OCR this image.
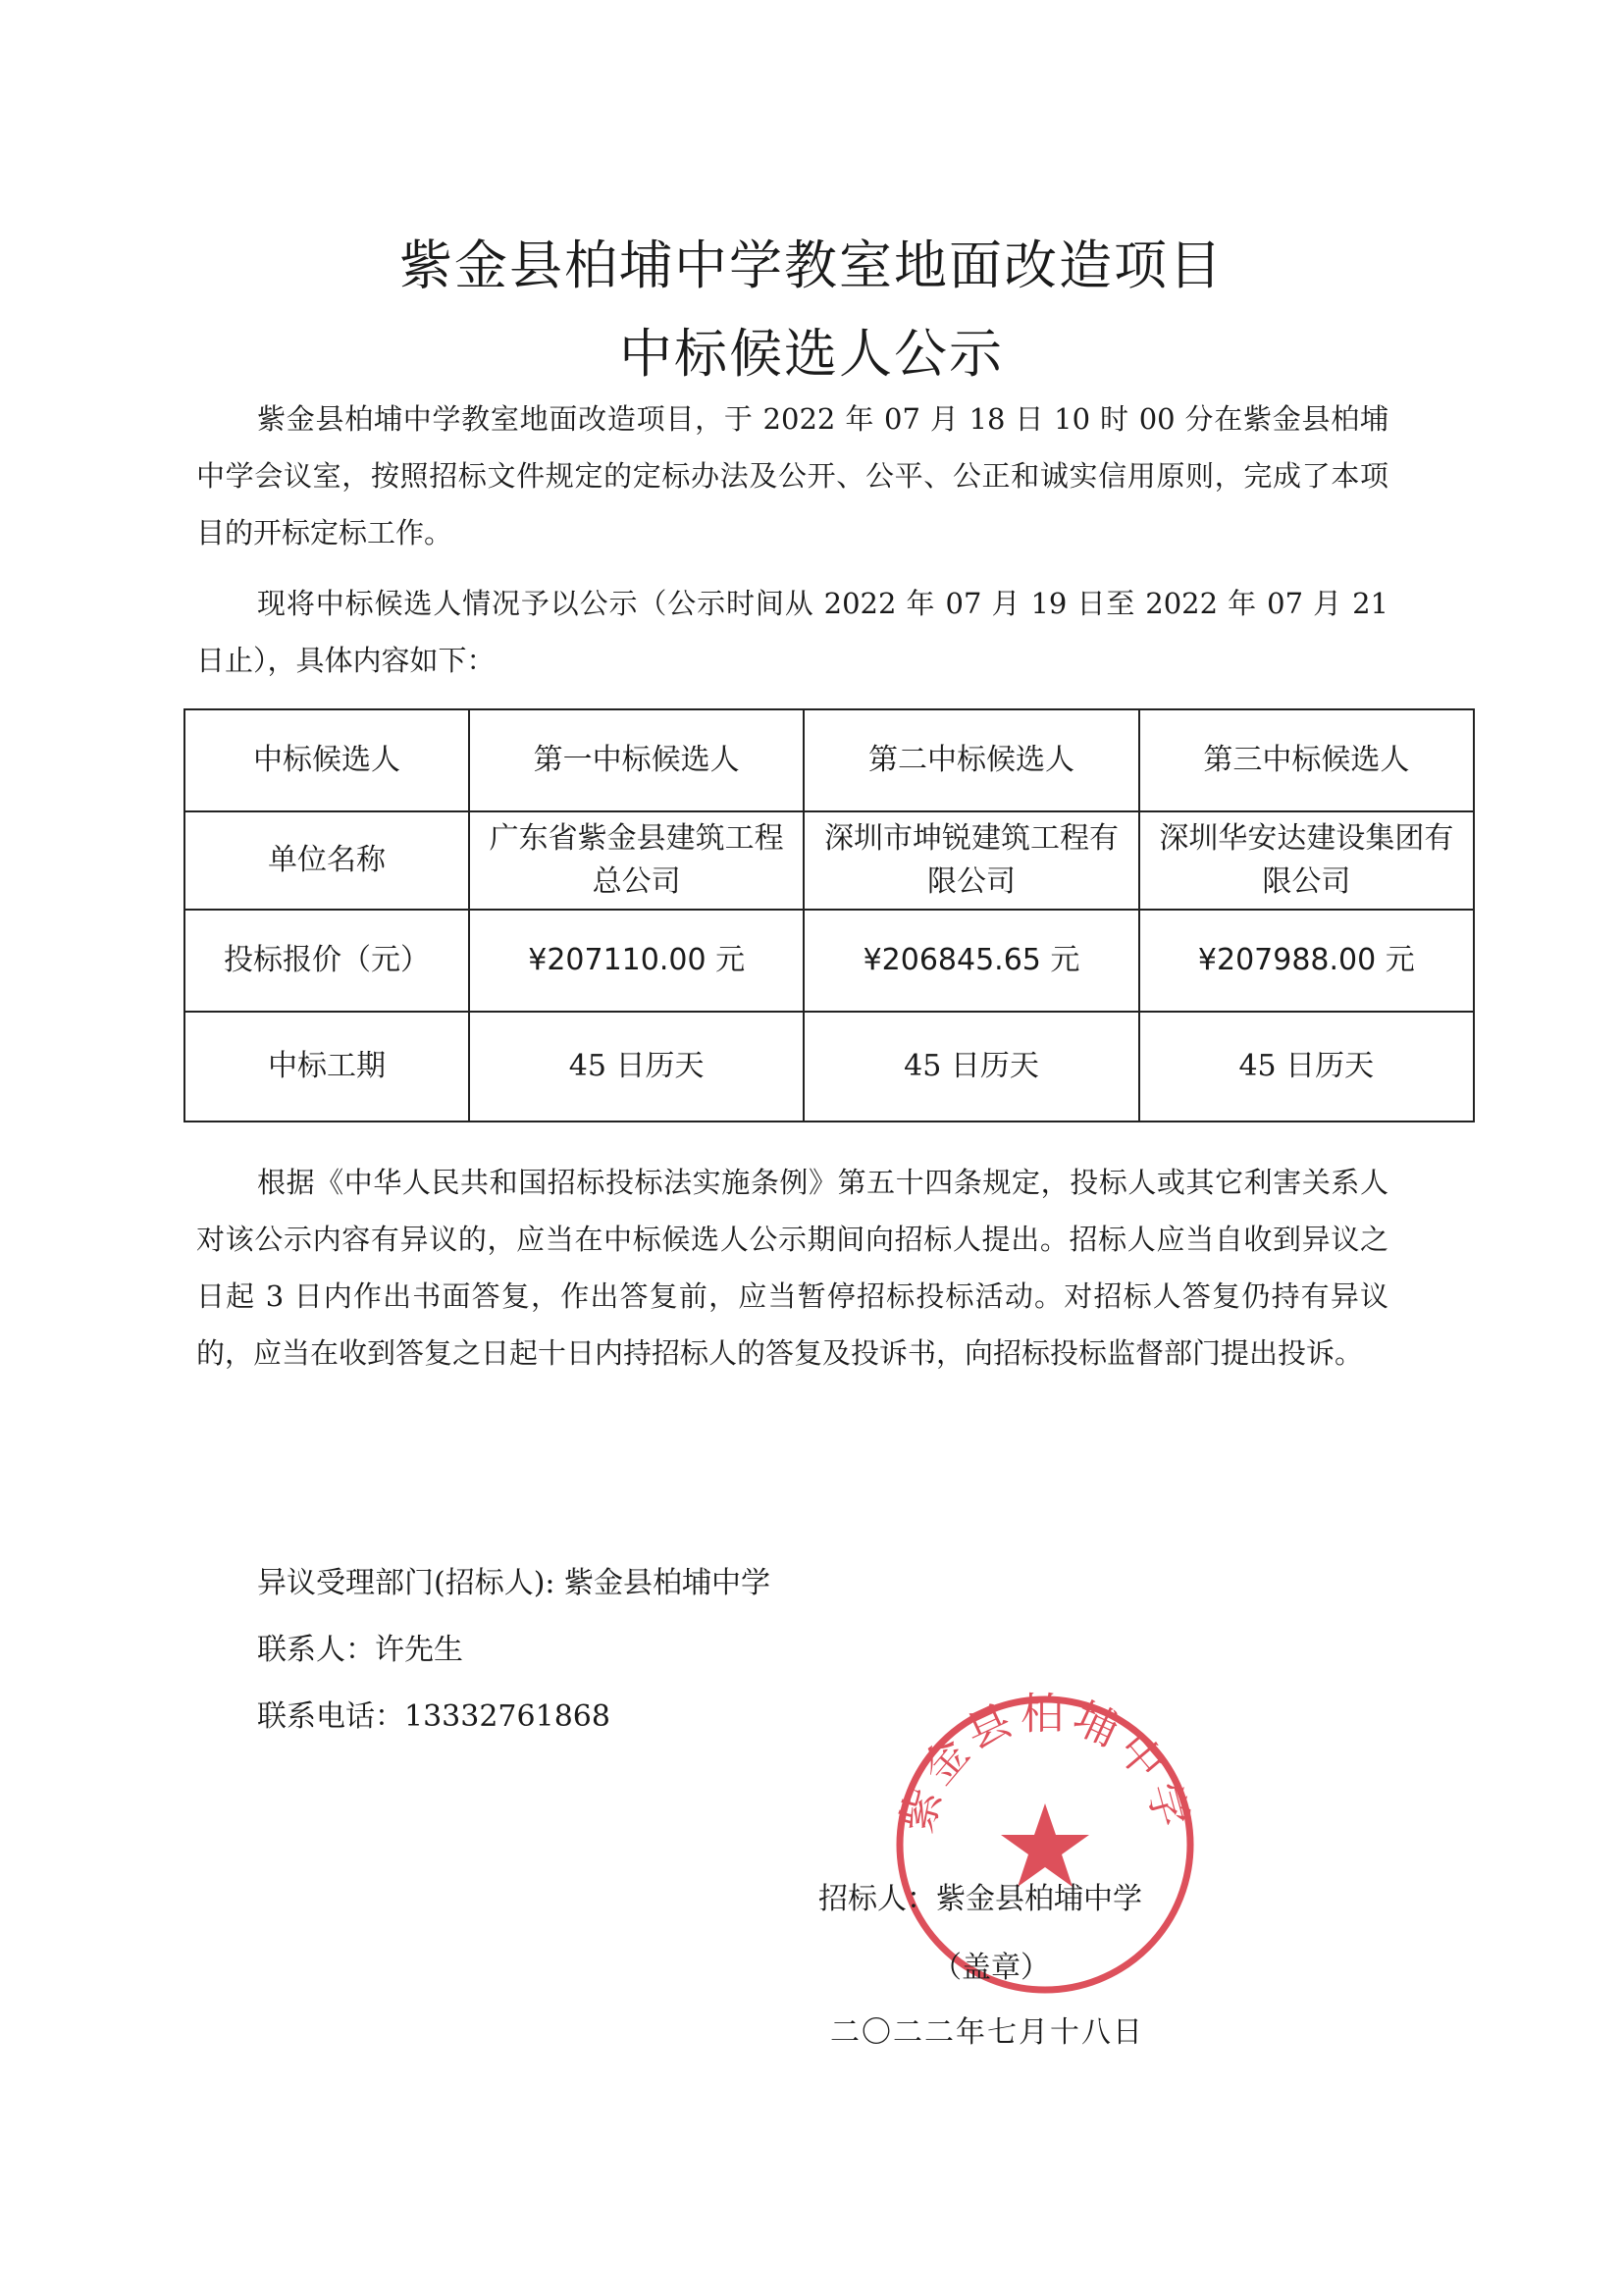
紫金县柏埔中学教室地面改造项目
中标候选人公示

紫金县柏埔中学教室地面改造项目，于 2022 年 07 月 18 日 10 时 00 分在紫金县柏埔中学会议室，按照招标文件规定的定标办法及公开、公平、公正和诚实信用原则，完成了本项目的开标定标工作。

现将中标候选人情况予以公示（公示时间从 2022 年 07 月 19 日至 2022 年 07 月 21 日止），具体内容如下：

中标候选人	第一中标候选人	第二中标候选人	第三中标候选人
单位名称	广东省紫金县建筑工程总公司	深圳市坤锐建筑工程有限公司	深圳华安达建设集团有限公司
投标报价（元）	¥207110.00 元	¥206845.65 元	¥207988.00 元
中标工期	45 日历天	45 日历天	45 日历天

根据《中华人民共和国招标投标法实施条例》第五十四条规定，投标人或其它利害关系人对该公示内容有异议的，应当在中标候选人公示期间向招标人提出。招标人应当自收到异议之日起 3 日内作出书面答复，作出答复前，应当暂停招标投标活动。对招标人答复仍持有异议的，应当在收到答复之日起十日内持招标人的答复及投诉书，向招标投标监督部门提出投诉。

异议受理部门(招标人): 紫金县柏埔中学
联系人：许先生
联系电话：13332761868
紫金县柏埔中学
招标人：紫金县柏埔中学
（盖章）
二〇二二年七月十八日
